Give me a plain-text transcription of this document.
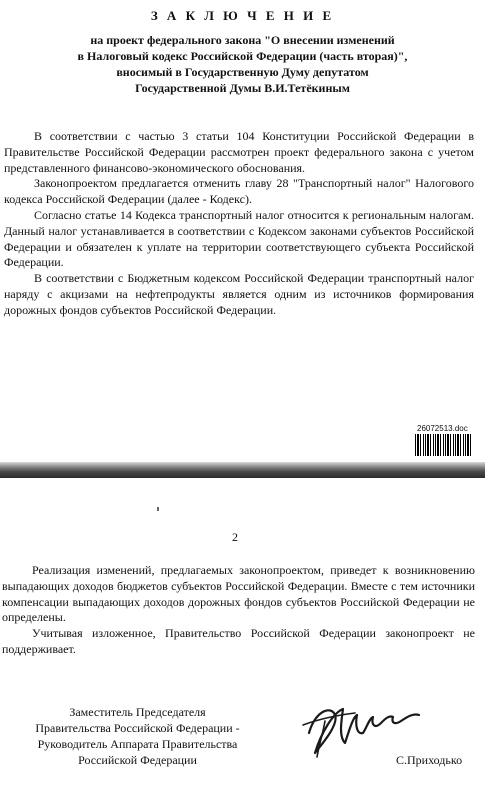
З А К Л Ю Ч Е Н И Е
на проект федерального закона "О внесении изменений
в Налоговый кодекс Российской Федерации (часть вторая)",
вносимый в Государственную Думу депутатом
Государственной Думы В.И.Тетёкиным

В соответствии с частью 3 статьи 104 Конституции Российской Федерации в Правительстве Российской Федерации рассмотрен проект федерального закона с учетом представленного финансово-экономического обоснования.

Законопроектом предлагается отменить главу 28 "Транспортный налог" Налогового кодекса Российской Федерации (далее - Кодекс).

Согласно статье 14 Кодекса транспортный налог относится к региональным налогам. Данный налог устанавливается в соответствии с Кодексом законами субъектов Российской Федерации и обязателен к уплате на территории соответствующего субъекта Российской Федерации.

В соответствии с Бюджетным кодексом Российской Федерации транспортный налог наряду с акцизами на нефтепродукты является одним из источников формирования дорожных фондов субъектов Российской Федерации.

26072513.doc
2

Реализация изменений, предлагаемых законопроектом, приведет к возникновению выпадающих доходов бюджетов субъектов Российской Федерации. Вместе с тем источники компенсации выпадающих доходов дорожных фондов субъектов Российской Федерации не определены.

Учитывая изложенное, Правительство Российской Федерации законопроект не поддерживает.

Заместитель Председателя
Правительства Российской Федерации -
Руководитель Аппарата Правительства
Российской Федерации	С.Приходько
